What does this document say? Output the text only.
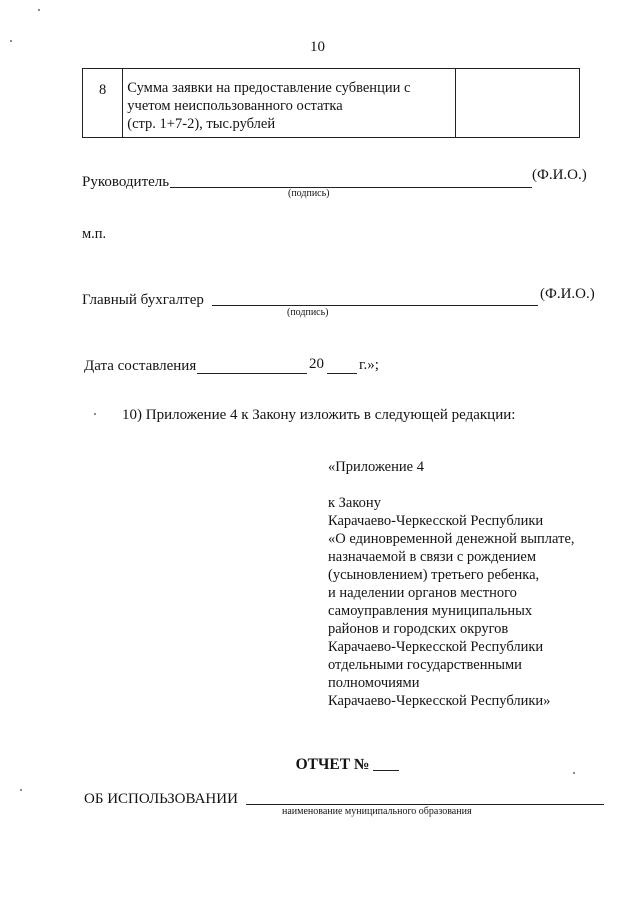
10
8	Сумма заявки на предоставление субвенции с
учетом неиспользованного остатка
(стр. 1+7-2), тыс.рублей

Руководитель	(Ф.И.О.)
(подпись)
м.п.
Главный бухгалтер	(Ф.И.О.)
(подпись)
Дата составления	20 г.»;
10) Приложение 4 к Закону изложить в следующей редакции:
«Приложение 4
к Закону
Карачаево-Черкесской Республики
«О единовременной денежной выплате,
назначаемой в связи с рождением
(усыновлением) третьего ребенка,
и наделении органов местного
самоуправления муниципальных
районов и городских округов
Карачаево-Черкесской Республики
отдельными государственными
полномочиями
Карачаево-Черкесской Республики»
ОТЧЕТ №
ОБ ИСПОЛЬЗОВАНИИ
наименование муниципального образования
